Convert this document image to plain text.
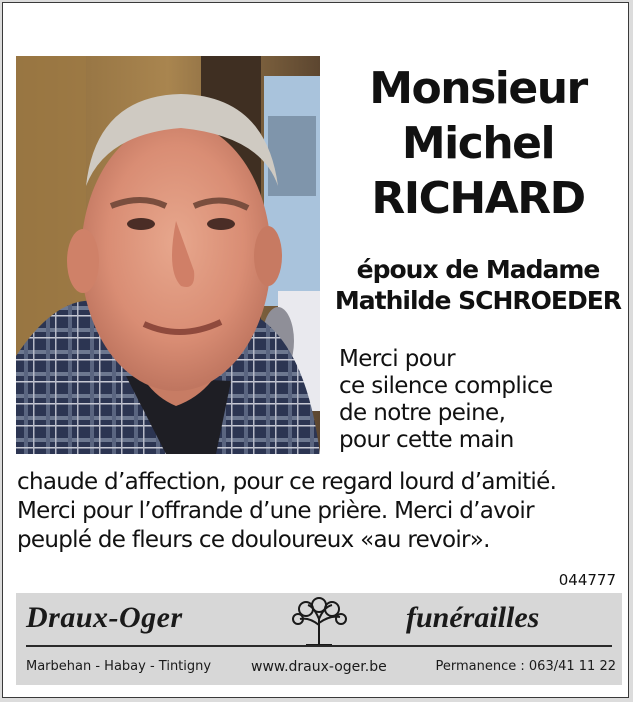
Monsieur
Michel
RICHARD
époux de Madame
Mathilde SCHROEDER
Merci pour
ce silence complice
de notre peine,
pour cette main
chaude d’affection, pour ce regard lourd d’amitié.
Merci pour l’offrande d’une prière. Merci d’avoir
peuplé de fleurs ce douloureux «au revoir».
044777
Draux-Oger	funérailles
Marbehan - Habay - Tintigny	www.draux-oger.be	Permanence : 063/41 11 22
